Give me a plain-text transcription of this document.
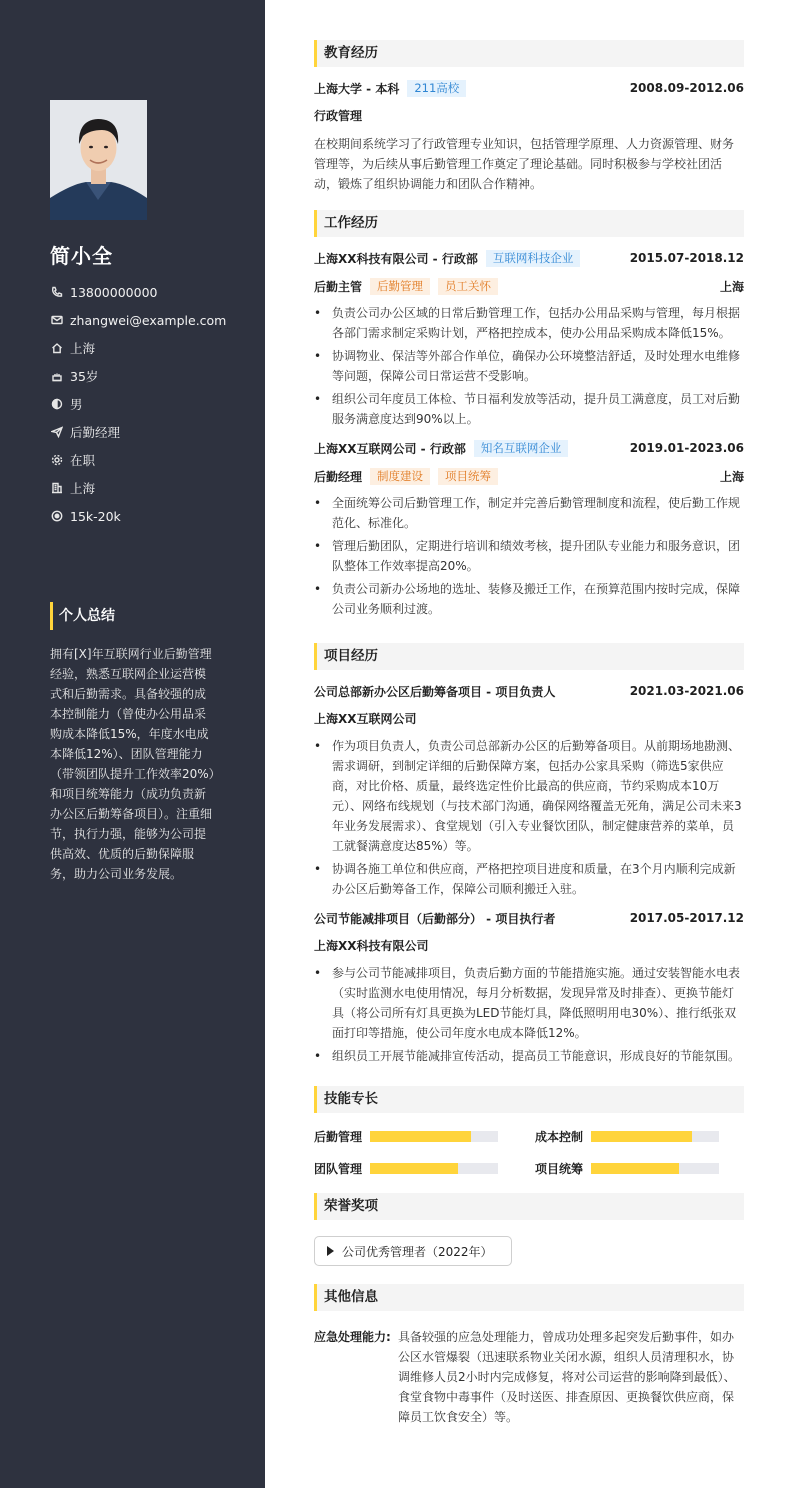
简小全
13800000000
zhangwei@example.com
上海
35岁
男
后勤经理
在职
上海
15k-20k
个人总结
拥有[X]年互联网行业后勤管理经验，熟悉互联网企业运营模式和后勤需求。具备较强的成本控制能力（曾使办公用品采购成本降低15%，年度水电成本降低12%）、团队管理能力（带领团队提升工作效率20%）和项目统筹能力（成功负责新办公区后勤筹备项目）。注重细节，执行力强，能够为公司提供高效、优质的后勤保障服务，助力公司业务发展。
教育经历
上海大学 - 本科	211高校	2008.09-2012.06
行政管理

在校期间系统学习了行政管理专业知识，包括管理学原理、人力资源管理、财务管理等，为后续从事后勤管理工作奠定了理论基础。同时积极参与学校社团活动，锻炼了组织协调能力和团队合作精神。

工作经历
上海XX科技有限公司 - 行政部	互联网科技企业	2015.07-2018.12
后勤主管	后勤管理	员工关怀	上海
• 负责公司办公区域的日常后勤管理工作，包括办公用品采购与管理，每月根据各部门需求制定采购计划，严格把控成本，使办公用品采购成本降低15%。
• 协调物业、保洁等外部合作单位，确保办公环境整洁舒适，及时处理水电维修等问题，保障公司日常运营不受影响。
• 组织公司年度员工体检、节日福利发放等活动，提升员工满意度，员工对后勤服务满意度达到90%以上。
上海XX互联网公司 - 行政部	知名互联网企业	2019.01-2023.06
后勤经理	制度建设	项目统筹	上海
• 全面统筹公司后勤管理工作，制定并完善后勤管理制度和流程，使后勤工作规范化、标准化。
• 管理后勤团队，定期进行培训和绩效考核，提升团队专业能力和服务意识，团队整体工作效率提高20%。
• 负责公司新办公场地的选址、装修及搬迁工作，在预算范围内按时完成，保障公司业务顺利过渡。
项目经历
公司总部新办公区后勤筹备项目 - 项目负责人	2021.03-2021.06
上海XX互联网公司
• 作为项目负责人，负责公司总部新办公区的后勤筹备项目。从前期场地勘测、需求调研，到制定详细的后勤保障方案，包括办公家具采购（筛选5家供应商，对比价格、质量，最终选定性价比最高的供应商，节约采购成本10万元）、网络布线规划（与技术部门沟通，确保网络覆盖无死角，满足公司未来3年业务发展需求）、食堂规划（引入专业餐饮团队，制定健康营养的菜单，员工就餐满意度达85%）等。
• 协调各施工单位和供应商，严格把控项目进度和质量，在3个月内顺利完成新办公区后勤筹备工作，保障公司顺利搬迁入驻。
公司节能减排项目（后勤部分） - 项目执行者	2017.05-2017.12
上海XX科技有限公司
• 参与公司节能减排项目，负责后勤方面的节能措施实施。通过安装智能水电表（实时监测水电使用情况，每月分析数据，发现异常及时排查）、更换节能灯具（将公司所有灯具更换为LED节能灯具，降低照明用电30%）、推行纸张双面打印等措施，使公司年度水电成本降低12%。
• 组织员工开展节能减排宣传活动，提高员工节能意识，形成良好的节能氛围。
技能专长
后勤管理	成本控制
团队管理	项目统筹
荣誉奖项
公司优秀管理者（2022年）
其他信息
应急处理能力: 具备较强的应急处理能力，曾成功处理多起突发后勤事件，如办公区水管爆裂（迅速联系物业关闭水源，组织人员清理积水，协调维修人员2小时内完成修复，将对公司运营的影响降到最低）、食堂食物中毒事件（及时送医、排查原因、更换餐饮供应商，保障员工饮食安全）等。
